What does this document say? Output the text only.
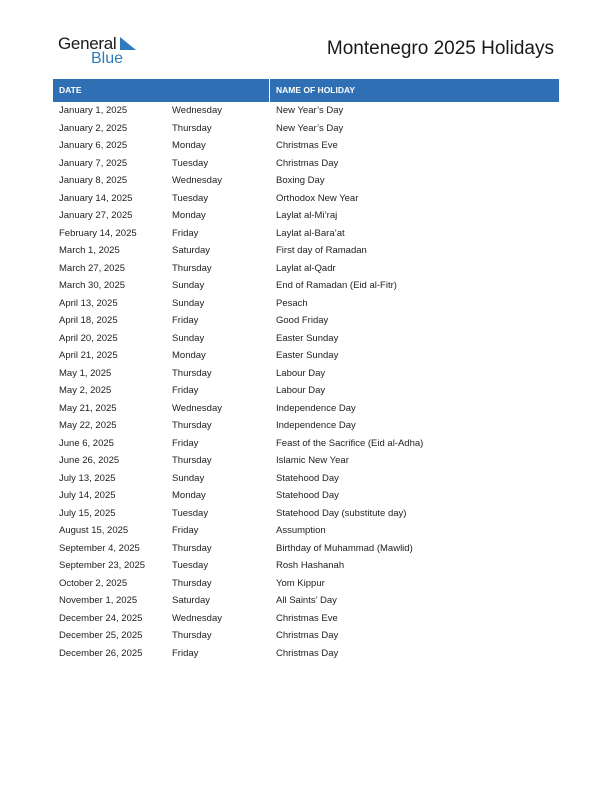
General
Blue	Montenegro 2025 Holidays
DATE	NAME OF HOLIDAY
January 1, 2025	Wednesday	New Year’s Day
January 2, 2025	Thursday	New Year’s Day
January 6, 2025	Monday	Christmas Eve
January 7, 2025	Tuesday	Christmas Day
January 8, 2025	Wednesday	Boxing Day
January 14, 2025	Tuesday	Orthodox New Year
January 27, 2025	Monday	Laylat al-Mi’raj
February 14, 2025	Friday	Laylat al-Bara’at
March 1, 2025	Saturday	First day of Ramadan
March 27, 2025	Thursday	Laylat al-Qadr
March 30, 2025	Sunday	End of Ramadan (Eid al-Fitr)
April 13, 2025	Sunday	Pesach
April 18, 2025	Friday	Good Friday
April 20, 2025	Sunday	Easter Sunday
April 21, 2025	Monday	Easter Sunday
May 1, 2025	Thursday	Labour Day
May 2, 2025	Friday	Labour Day
May 21, 2025	Wednesday	Independence Day
May 22, 2025	Thursday	Independence Day
June 6, 2025	Friday	Feast of the Sacrifice (Eid al-Adha)
June 26, 2025	Thursday	Islamic New Year
July 13, 2025	Sunday	Statehood Day
July 14, 2025	Monday	Statehood Day
July 15, 2025	Tuesday	Statehood Day (substitute day)
August 15, 2025	Friday	Assumption
September 4, 2025	Thursday	Birthday of Muhammad (Mawlid)
September 23, 2025	Tuesday	Rosh Hashanah
October 2, 2025	Thursday	Yom Kippur
November 1, 2025	Saturday	All Saints’ Day
December 24, 2025	Wednesday	Christmas Eve
December 25, 2025	Thursday	Christmas Day
December 26, 2025	Friday	Christmas Day
